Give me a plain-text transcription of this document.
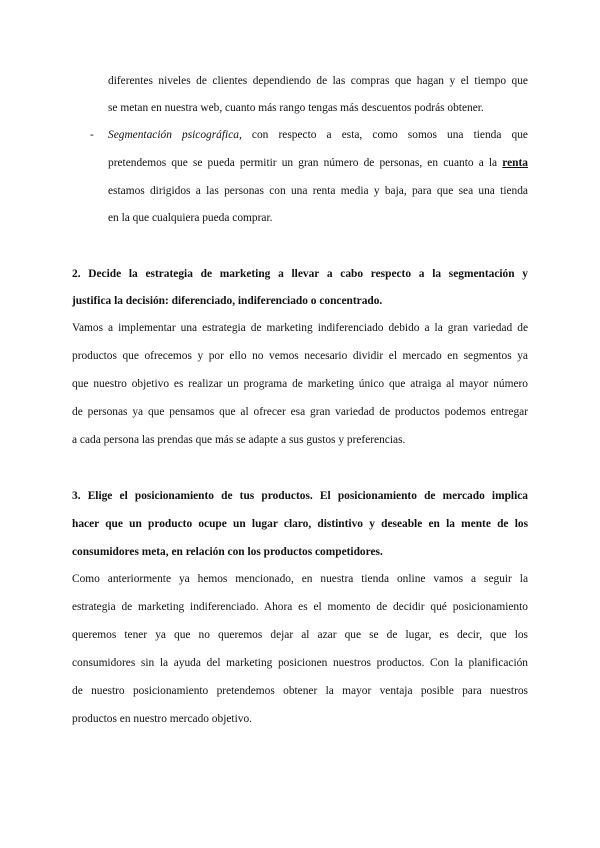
diferentes niveles de clientes dependiendo de las compras que hagan y el tiempo que
se metan en nuestra web, cuanto más rango tengas más descuentos podrás obtener.
- Segmentación psicográfica, con respecto a esta, como somos una tienda que
pretendemos que se pueda permitir un gran número de personas, en cuanto a la renta
estamos dirigidos a las personas con una renta media y baja, para que sea una tienda
en la que cualquiera pueda comprar.
2. Decide la estrategia de marketing a llevar a cabo respecto a la segmentación y
justifica la decisión: diferenciado, indiferenciado o concentrado.
Vamos a implementar una estrategia de marketing indiferenciado debido a la gran variedad de
productos que ofrecemos y por ello no vemos necesario dividir el mercado en segmentos ya
que nuestro objetivo es realizar un programa de marketing único que atraiga al mayor número
de personas ya que pensamos que al ofrecer esa gran variedad de productos podemos entregar
a cada persona las prendas que más se adapte a sus gustos y preferencias.
3. Elige el posicionamiento de tus productos. El posicionamiento de mercado implica
hacer que un producto ocupe un lugar claro, distintivo y deseable en la mente de los
consumidores meta, en relación con los productos competidores.
Como anteriormente ya hemos mencionado, en nuestra tienda online vamos a seguir la
estrategia de marketing indiferenciado. Ahora es el momento de decidir qué posicionamiento
queremos tener ya que no queremos dejar al azar que se de lugar, es decir, que los
consumidores sin la ayuda del marketing posicionen nuestros productos. Con la planificación
de nuestro posicionamiento pretendemos obtener la mayor ventaja posible para nuestros
productos en nuestro mercado objetivo.
